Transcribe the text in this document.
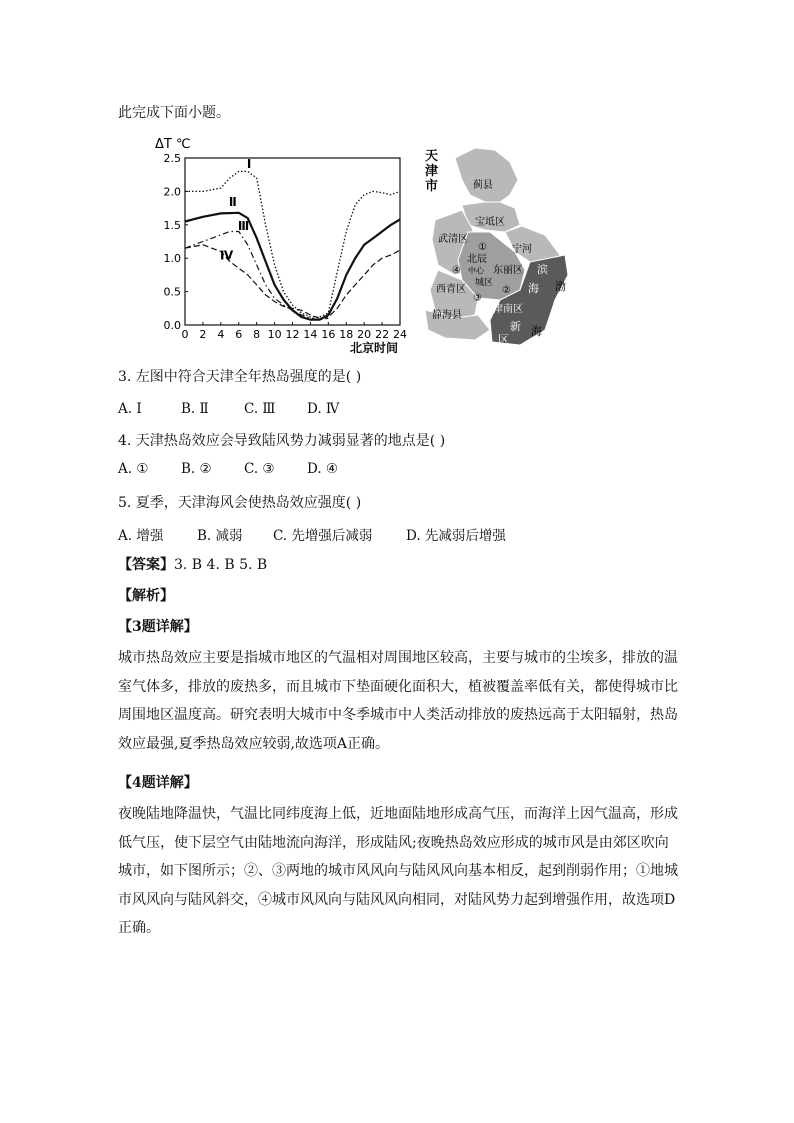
此完成下面小题。
ΔT ℃
北京时间
0 2 4 6 8 10 12 14 16 18 20 22 24
0.0
0.5
1.0
1.5
2.0
2.5	Ⅰ
Ⅱ
Ⅲ
Ⅳ
天
津
市	蓟县
宝坻区
武清区
宁河
①
北辰
东丽区
④ 中心
城区
②
西青区
③
滨
海 渤
津南区
静海县
新
区
海
3. 左图中符合天津全年热岛强度的是( )
A. Ⅰ	B. Ⅱ	C. Ⅲ D. Ⅳ
4. 天津热岛效应会导致陆风势力减弱显著的地点是( )
A. ① B. ② C. ③ D. ④
5. 夏季，天津海风会使热岛效应强度( )
A. 增强 B. 减弱 C. 先增强后减弱 D. 先减弱后增强
【答案】3. B 4. B 5. B
【解析】
【3题详解】
城市热岛效应主要是指城市地区的气温相对周围地区较高，主要与城市的尘埃多，排放的温室气体多，排放的废热多，而且城市下垫面硬化面积大，植被覆盖率低有关，都使得城市比周围地区温度高。研究表明大城市中冬季城市中人类活动排放的废热远高于太阳辐射，热岛效应最强,夏季热岛效应较弱,故选项A正确。
【4题详解】
夜晚陆地降温快，气温比同纬度海上低，近地面陆地形成高气压，而海洋上因气温高，形成低气压，使下层空气由陆地流向海洋，形成陆风;夜晚热岛效应形成的城市风是由郊区吹向城市，如下图所示；②、③两地的城市风风向与陆风风向基本相反，起到削弱作用；①地城市风风向与陆风斜交，④城市风风向与陆风风向相同，对陆风势力起到增强作用，故选项D正确。
